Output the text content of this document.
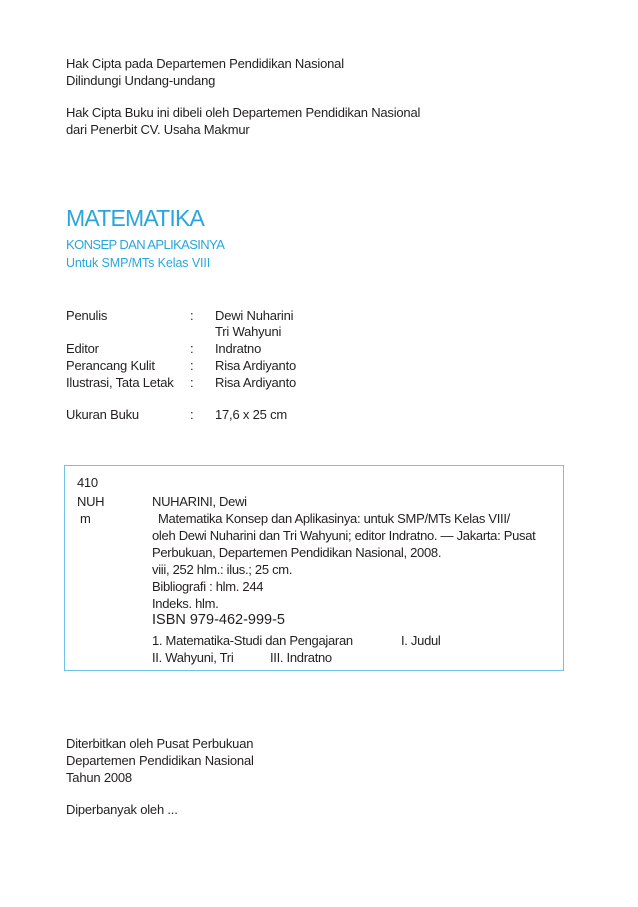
Hak Cipta pada Departemen Pendidikan Nasional
Dilindungi Undang-undang
Hak Cipta Buku ini dibeli oleh Departemen Pendidikan Nasional
dari Penerbit CV. Usaha Makmur
MATEMATIKA
KONSEP DAN APLIKASINYA
Untuk SMP/MTs Kelas VIII
Penulis	: Dewi Nuharini
Tri Wahyuni
Editor	: Indratno
Perancang Kulit	: Risa Ardiyanto
Ilustrasi, Tata Letak : Risa Ardiyanto
Ukuran Buku	: 17,6 x 25 cm
410
NUH
m
NUHARINI, Dewi
Matematika Konsep dan Aplikasinya: untuk SMP/MTs Kelas VIII/
oleh Dewi Nuharini dan Tri Wahyuni; editor Indratno. — Jakarta: Pusat
Perbukuan, Departemen Pendidikan Nasional, 2008.
viii, 252 hlm.: ilus.; 25 cm.
Bibliografi : hlm. 244
Indeks. hlm.
ISBN 979-462-999-5
1. Matematika-Studi dan Pengajaran	I. Judul
II. Wahyuni, Tri	III. Indratno
Diterbitkan oleh Pusat Perbukuan
Departemen Pendidikan Nasional
Tahun 2008
Diperbanyak oleh ...
